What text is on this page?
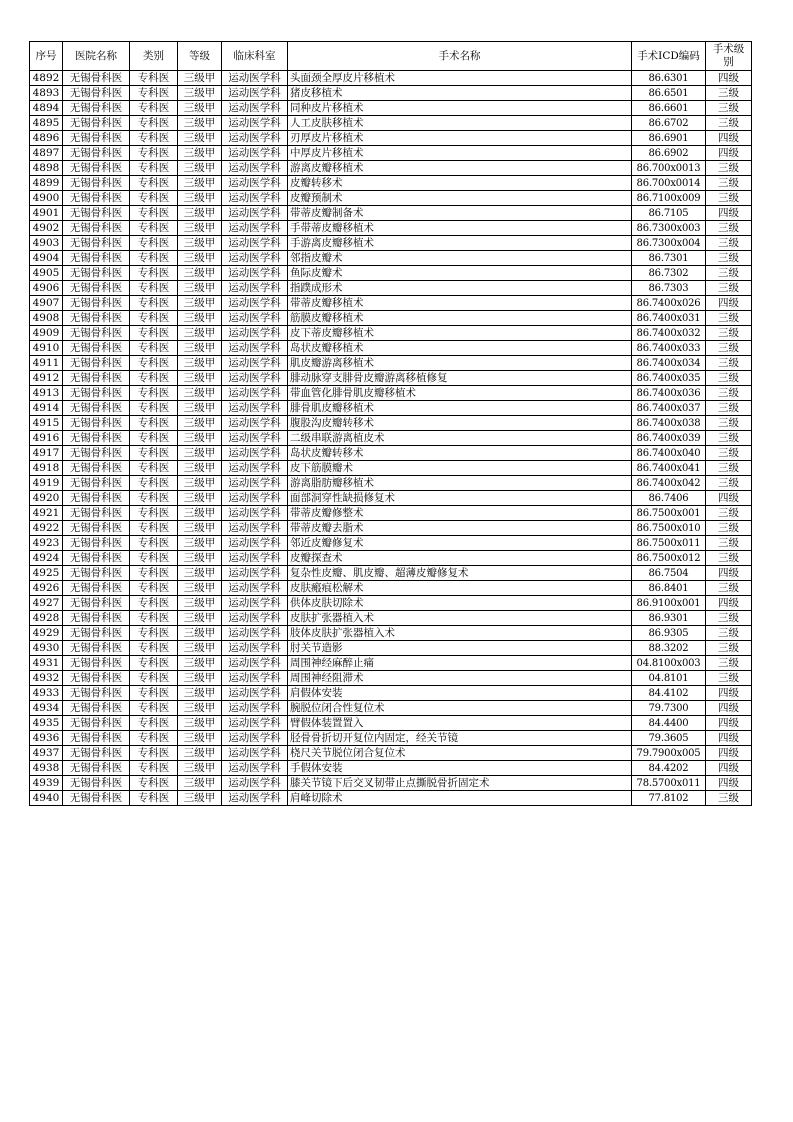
序号	医院名称	类别	等级	临床科室	手术名称	手术ICD编码	手术级别
4892	无锡骨科医	专科医	三级甲	运动医学科	头面颈全厚皮片移植术	86.6301	四级
4893	无锡骨科医	专科医	三级甲	运动医学科	猪皮移植术	86.6501	三级
4894	无锡骨科医	专科医	三级甲	运动医学科	同种皮片移植术	86.6601	三级
4895	无锡骨科医	专科医	三级甲	运动医学科	人工皮肤移植术	86.6702	三级
4896	无锡骨科医	专科医	三级甲	运动医学科	刃厚皮片移植术	86.6901	四级
4897	无锡骨科医	专科医	三级甲	运动医学科	中厚皮片移植术	86.6902	四级
4898	无锡骨科医	专科医	三级甲	运动医学科	游离皮瓣移植术	86.700x0013	三级
4899	无锡骨科医	专科医	三级甲	运动医学科	皮瓣转移术	86.700x0014	三级
4900	无锡骨科医	专科医	三级甲	运动医学科	皮瓣预制术	86.7100x009	三级
4901	无锡骨科医	专科医	三级甲	运动医学科	带蒂皮瓣制备术	86.7105	四级
4902	无锡骨科医	专科医	三级甲	运动医学科	手带蒂皮瓣移植术	86.7300x003	三级
4903	无锡骨科医	专科医	三级甲	运动医学科	手游离皮瓣移植术	86.7300x004	三级
4904	无锡骨科医	专科医	三级甲	运动医学科	邻指皮瓣术	86.7301	三级
4905	无锡骨科医	专科医	三级甲	运动医学科	鱼际皮瓣术	86.7302	三级
4906	无锡骨科医	专科医	三级甲	运动医学科	指蹼成形术	86.7303	三级
4907	无锡骨科医	专科医	三级甲	运动医学科	带蒂皮瓣移植术	86.7400x026	四级
4908	无锡骨科医	专科医	三级甲	运动医学科	筋膜皮瓣移植术	86.7400x031	三级
4909	无锡骨科医	专科医	三级甲	运动医学科	皮下蒂皮瓣移植术	86.7400x032	三级
4910	无锡骨科医	专科医	三级甲	运动医学科	岛状皮瓣移植术	86.7400x033	三级
4911	无锡骨科医	专科医	三级甲	运动医学科	肌皮瓣游离移植术	86.7400x034	三级
4912	无锡骨科医	专科医	三级甲	运动医学科	腓动脉穿支腓骨皮瓣游离移植修复	86.7400x035	三级
4913	无锡骨科医	专科医	三级甲	运动医学科	带血管化腓骨肌皮瓣移植术	86.7400x036	三级
4914	无锡骨科医	专科医	三级甲	运动医学科	腓骨肌皮瓣移植术	86.7400x037	三级
4915	无锡骨科医	专科医	三级甲	运动医学科	腹股沟皮瓣转移术	86.7400x038	三级
4916	无锡骨科医	专科医	三级甲	运动医学科	二级串联游离植皮术	86.7400x039	三级
4917	无锡骨科医	专科医	三级甲	运动医学科	岛状皮瓣转移术	86.7400x040	三级
4918	无锡骨科医	专科医	三级甲	运动医学科	皮下筋膜瓣术	86.7400x041	三级
4919	无锡骨科医	专科医	三级甲	运动医学科	游离脂肪瓣移植术	86.7400x042	三级
4920	无锡骨科医	专科医	三级甲	运动医学科	面部洞穿性缺损修复术	86.7406	四级
4921	无锡骨科医	专科医	三级甲	运动医学科	带蒂皮瓣修整术	86.7500x001	三级
4922	无锡骨科医	专科医	三级甲	运动医学科	带蒂皮瓣去脂术	86.7500x010	三级
4923	无锡骨科医	专科医	三级甲	运动医学科	邻近皮瓣修复术	86.7500x011	三级
4924	无锡骨科医	专科医	三级甲	运动医学科	皮瓣探查术	86.7500x012	三级
4925	无锡骨科医	专科医	三级甲	运动医学科	复杂性皮瓣、肌皮瓣、超薄皮瓣修复术	86.7504	四级
4926	无锡骨科医	专科医	三级甲	运动医学科	皮肤瘢痕松解术	86.8401	三级
4927	无锡骨科医	专科医	三级甲	运动医学科	供体皮肤切除术	86.9100x001	四级
4928	无锡骨科医	专科医	三级甲	运动医学科	皮肤扩张器植入术	86.9301	三级
4929	无锡骨科医	专科医	三级甲	运动医学科	肢体皮肤扩张器植入术	86.9305	三级
4930	无锡骨科医	专科医	三级甲	运动医学科	肘关节造影	88.3202	三级
4931	无锡骨科医	专科医	三级甲	运动医学科	周围神经麻醉止痛	04.8100x003	三级
4932	无锡骨科医	专科医	三级甲	运动医学科	周围神经阻滞术	04.8101	三级
4933	无锡骨科医	专科医	三级甲	运动医学科	肩假体安装	84.4102	四级
4934	无锡骨科医	专科医	三级甲	运动医学科	腕脱位闭合性复位术	79.7300	四级
4935	无锡骨科医	专科医	三级甲	运动医学科	臂假体装置置入	84.4400	四级
4936	无锡骨科医	专科医	三级甲	运动医学科	胫骨骨折切开复位内固定，经关节镜	79.3605	四级
4937	无锡骨科医	专科医	三级甲	运动医学科	桡尺关节脱位闭合复位术	79.7900x005	四级
4938	无锡骨科医	专科医	三级甲	运动医学科	手假体安装	84.4202	四级
4939	无锡骨科医	专科医	三级甲	运动医学科	膝关节镜下后交叉韧带止点撕脱骨折固定术	78.5700x011	四级
4940	无锡骨科医	专科医	三级甲	运动医学科	肩峰切除术	77.8102	三级
